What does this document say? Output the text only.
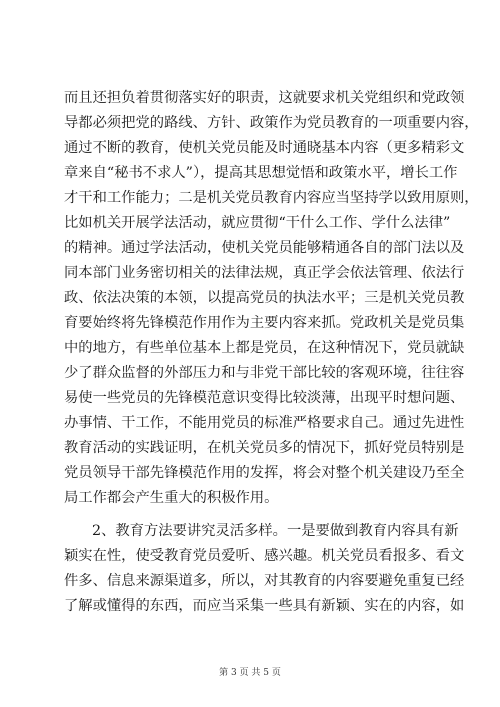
而且还担负着贯彻落实好的职责，这就要求机关党组织和党政领
导都必须把党的路线、方针、政策作为党员教育的一项重要内容，
通过不断的教育，使机关党员能及时通晓基本内容（更多精彩文
章来自“秘书不求人”），提高其思想觉悟和政策水平，增长工作
才干和工作能力；二是机关党员教育内容应当坚持学以致用原则，
比如机关开展学法活动，就应贯彻“干什么工作、学什么法律”
的精神。通过学法活动，使机关党员能够精通各自的部门法以及
同本部门业务密切相关的法律法规，真正学会依法管理、依法行
政、依法决策的本领，以提高党员的执法水平；三是机关党员教
育要始终将先锋模范作用作为主要内容来抓。党政机关是党员集
中的地方，有些单位基本上都是党员，在这种情况下，党员就缺
少了群众监督的外部压力和与非党干部比较的客观环境，往往容
易使一些党员的先锋模范意识变得比较淡薄，出现平时想问题、
办事情、干工作，不能用党员的标准严格要求自己。通过先进性
教育活动的实践证明，在机关党员多的情况下，抓好党员特别是
党员领导干部先锋模范作用的发挥，将会对整个机关建设乃至全
局工作都会产生重大的积极作用。
2、教育方法要讲究灵活多样。一是要做到教育内容具有新
颖实在性，使受教育党员爱听、感兴趣。机关党员看报多、看文
件多、信息来源渠道多，所以，对其教育的内容要避免重复已经
了解或懂得的东西，而应当采集一些具有新颖、实在的内容，如
第 3 页 共 5 页
